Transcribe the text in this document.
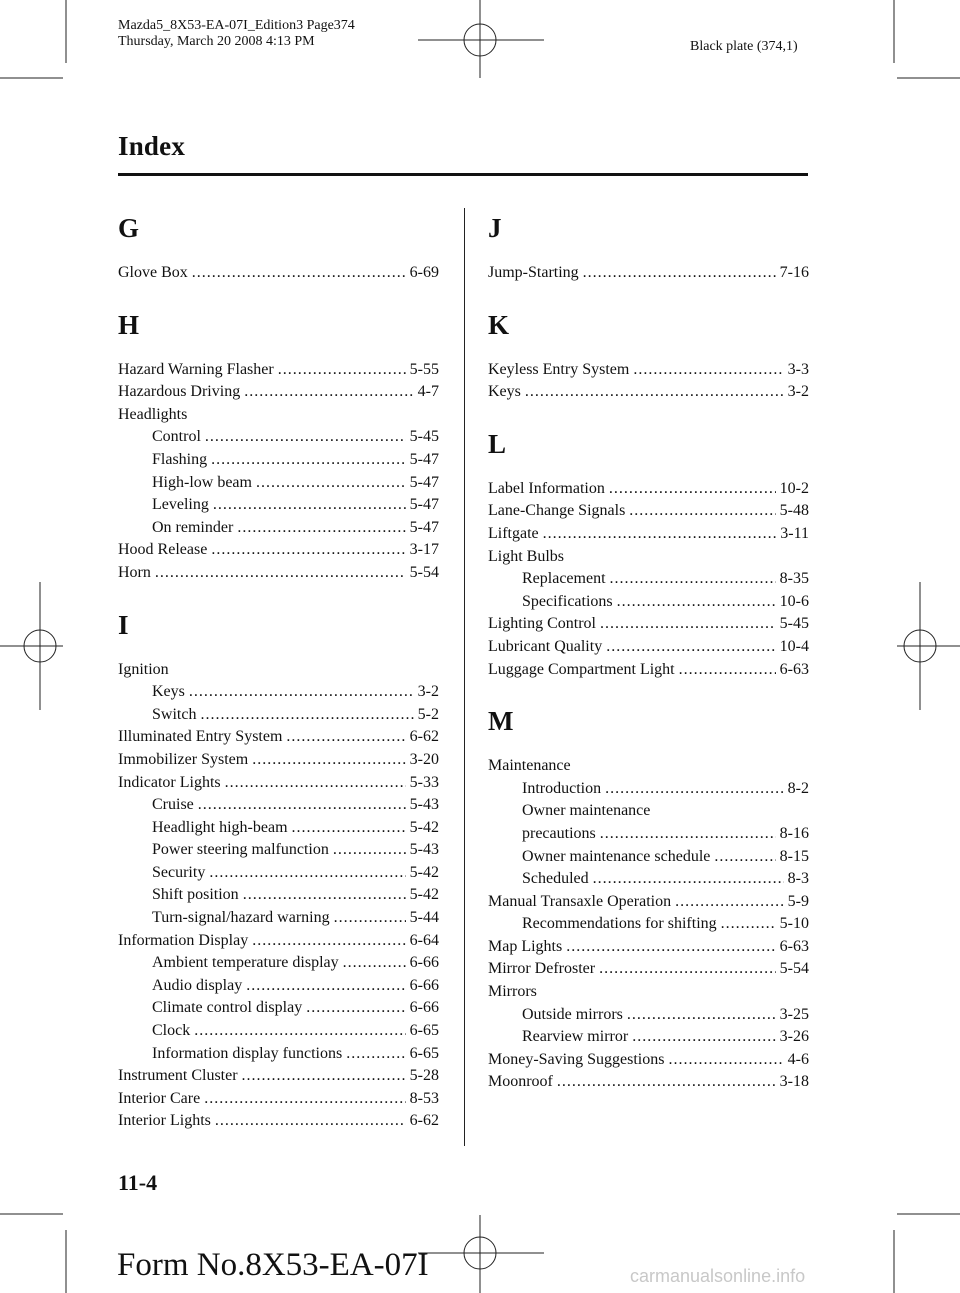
Mazda5_8X53-EA-07I_Edition3 Page374
Thursday, March 20 2008 4:13 PM	Black plate (374,1)
Index
G
Glove Box .....	6-69
H
Hazard Warning Flasher .....	5-55
Hazardous Driving .....	4-7
Headlights
Control .....	5-45
Flashing .....	5-47
High-low beam .....	5-47
Leveling .....	5-47
On reminder .....	5-47
Hood Release .....	3-17
Horn .....	5-54
I
Ignition
Keys .....	3-2
Switch .....	5-2
Illuminated Entry System .....	6-62
Immobilizer System .....	3-20
Indicator Lights .....	5-33
Cruise .....	5-43
Headlight high-beam .....	5-42
Power steering malfunction .....	5-43
Security .....	5-42
Shift position .....	5-42
Turn-signal/hazard warning .....	5-44
Information Display .....	6-64
Ambient temperature display .....	6-66
Audio display .....	6-66
Climate control display .....	6-66
Clock .....	6-65
Information display functions .....	6-65
Instrument Cluster .....	5-28
Interior Care .....	8-53
Interior Lights .....	6-62
J
Jump-Starting .....	7-16
K
Keyless Entry System .....	3-3
Keys .....	3-2
L
Label Information .....	10-2
Lane-Change Signals .....	5-48
Liftgate .....	3-11
Light Bulbs
Replacement .....	8-35
Specifications .....	10-6
Lighting Control .....	5-45
Lubricant Quality .....	10-4
Luggage Compartment Light .....	6-63
M
Maintenance
Introduction .....	8-2
Owner maintenance
precautions .....	8-16
Owner maintenance schedule .....	8-15
Scheduled .....	8-3
Manual Transaxle Operation .....	5-9
Recommendations for shifting .....	5-10
Map Lights .....	6-63
Mirror Defroster .....	5-54
Mirrors
Outside mirrors .....	3-25
Rearview mirror .....	3-26
Money-Saving Suggestions .....	4-6
Moonroof .....	3-18
11-4
Form No.8X53-EA-07I	carmanualsonline.info
